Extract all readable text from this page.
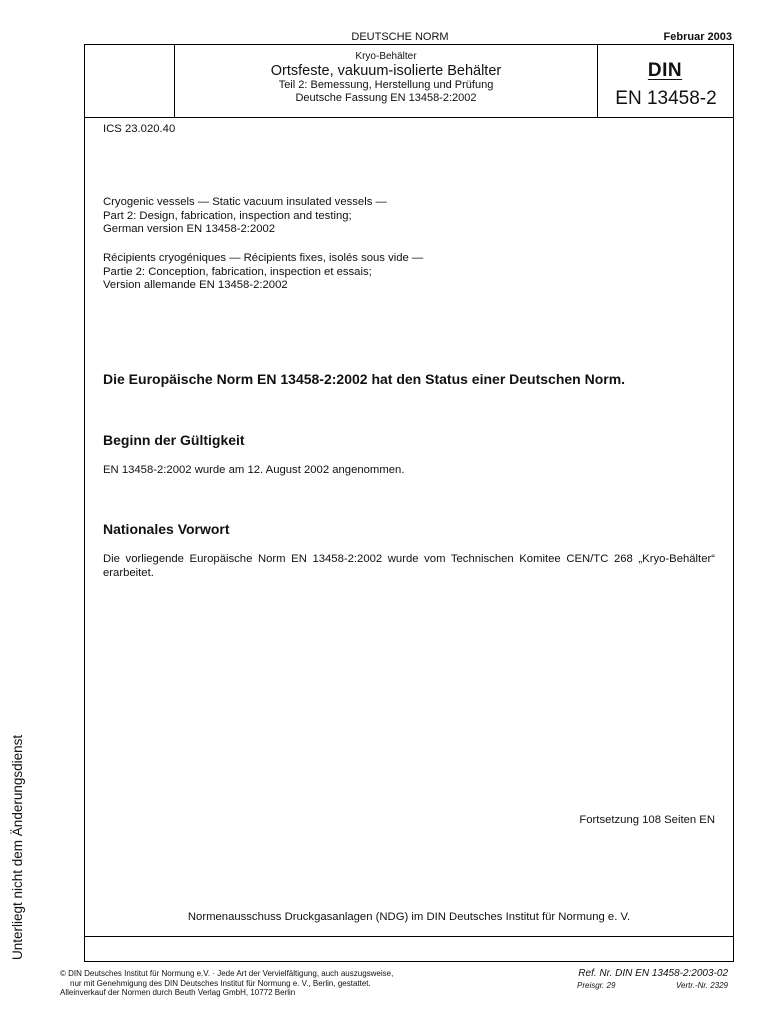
DEUTSCHE NORM	Februar 2003
Kryo-Behälter
Ortsfeste, vakuum-isolierte Behälter
Teil 2: Bemessung, Herstellung und Prüfung
Deutsche Fassung EN 13458-2:2002
DIN
EN 13458-2
ICS 23.020.40
Cryogenic vessels — Static vacuum insulated vessels —
Part 2: Design, fabrication, inspection and testing;
German version EN 13458-2:2002
Récipients cryogéniques — Récipients fixes, isolés sous vide —
Partie 2: Conception, fabrication, inspection et essais;
Version allemande EN 13458-2:2002
Die Europäische Norm EN 13458-2:2002 hat den Status einer Deutschen Norm.
Beginn der Gültigkeit
EN 13458-2:2002 wurde am 12. August 2002 angenommen.
Nationales Vorwort
Die vorliegende Europäische Norm EN 13458-2:2002 wurde vom Technischen Komitee CEN/TC 268 „Kryo-Behälter“ erarbeitet.
Fortsetzung 108 Seiten EN
Normenausschuss Druckgasanlagen (NDG) im DIN Deutsches Institut für Normung e. V.
Unterliegt nicht dem Änderungsdienst
© DIN Deutsches Institut für Normung e.V. · Jede Art der Vervielfältigung, auch auszugsweise,
nur mit Genehmigung des DIN Deutsches Institut für Normung e. V., Berlin, gestattet.
Alleinverkauf der Normen durch Beuth Verlag GmbH, 10772 Berlin
Ref. Nr. DIN EN 13458-2:2003-02
Preisgr. 29	Vertr.-Nr. 2329
